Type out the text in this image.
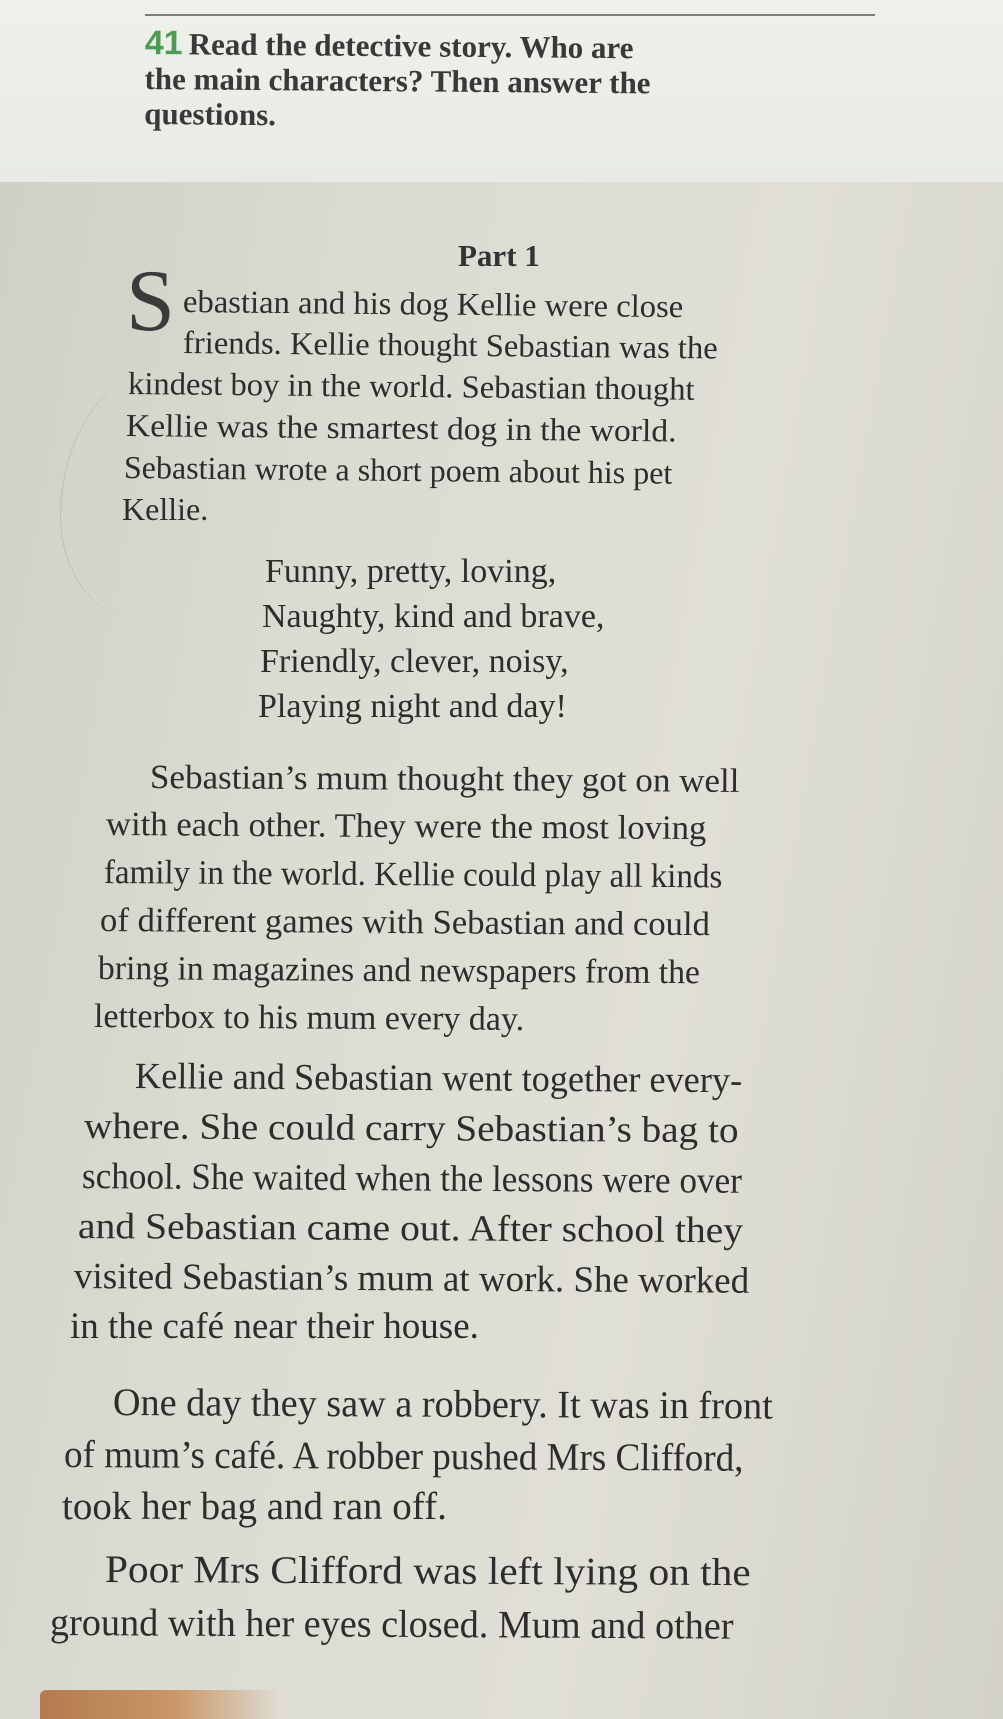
41 Read the detective story. Who are
the main characters? Then answer the
questions.
Part 1
S ebastian and his dog Kellie were close
friends. Kellie thought Sebastian was the
kindest boy in the world. Sebastian thought
Kellie was the smartest dog in the world.
Sebastian wrote a short poem about his pet
Kellie.
Funny, pretty, loving,
Naughty, kind and brave,
Friendly, clever, noisy,
Playing night and day!
Sebastian’s mum thought they got on well
with each other. They were the most loving
family in the world. Kellie could play all kinds
of different games with Sebastian and could
bring in magazines and newspapers from the
letterbox to his mum every day.
Kellie and Sebastian went together every-
where. She could carry Sebastian’s bag to
school. She waited when the lessons were over
and Sebastian came out. After school they
visited Sebastian’s mum at work. She worked
in the café near their house.
One day they saw a robbery. It was in front
of mum’s café. A robber pushed Mrs Clifford,
took her bag and ran off.
Poor Mrs Clifford was left lying on the
ground with her eyes closed. Mum and other
